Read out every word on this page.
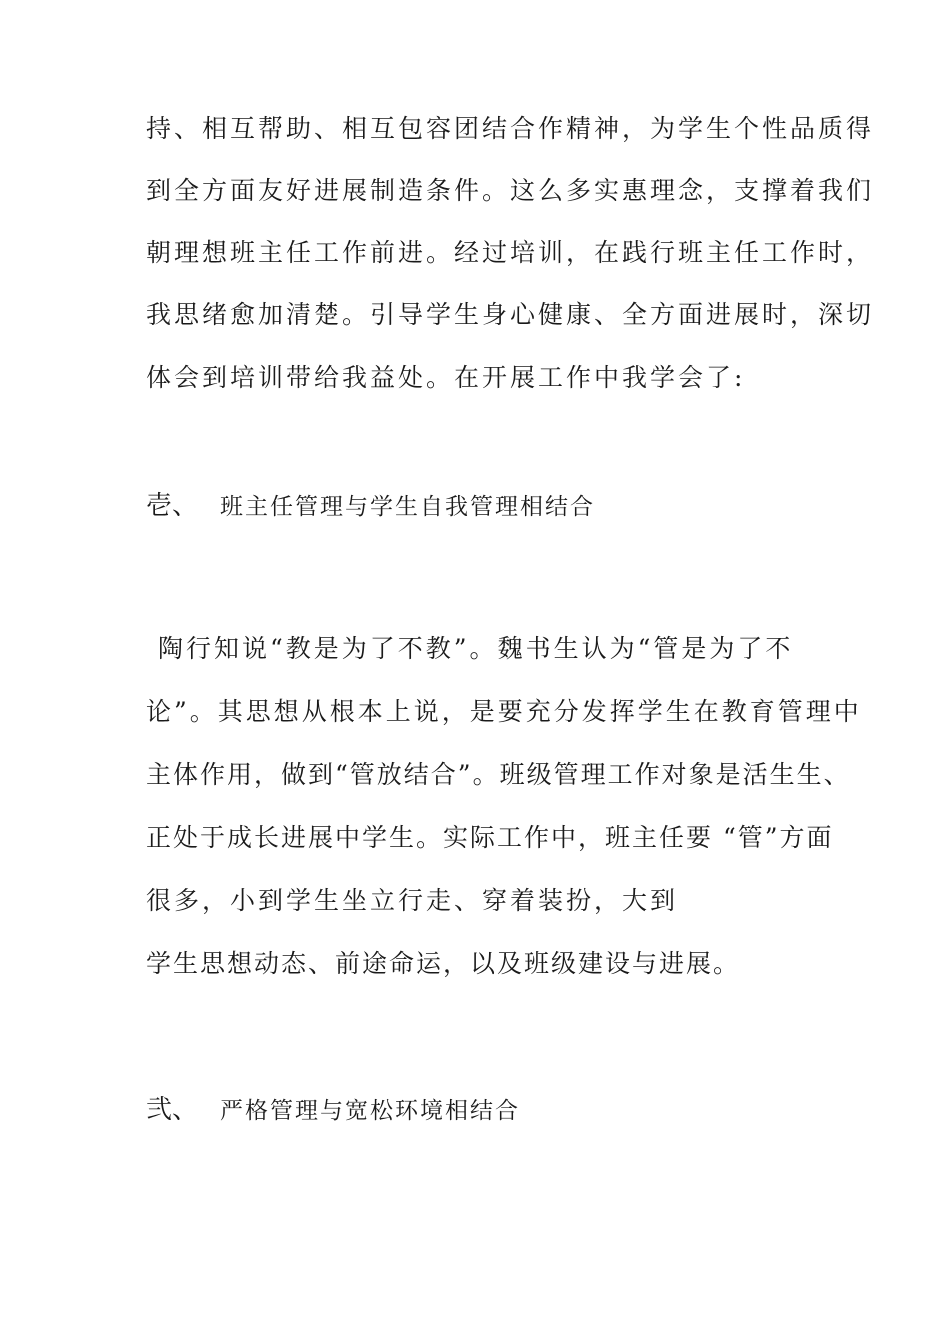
持、相互帮助、相互包容团结合作精神，为学生个性品质得
到全方面友好进展制造条件。这么多实惠理念，支撑着我们
朝理想班主任工作前进。经过培训，在践行班主任工作时，
我思绪愈加清楚。引导学生身心健康、全方面进展时，深切
体会到培训带给我益处。在开展工作中我学会了:
壱、 班主任管理与学生自我管理相结合
陶行知说“教是为了不教”。魏书生认为“管是为了不
论”。其思想从根本上说，是要充分发挥学生在教育管理中
主体作用，做到“管放结合”。班级管理工作对象是活生生、
正处于成长进展中学生。实际工作中，班主任要 “管”方面
很多，小到学生坐立行走、穿着装扮，大到
学生思想动态、前途命运，以及班级建设与进展。
弐、 严格管理与宽松环境相结合
